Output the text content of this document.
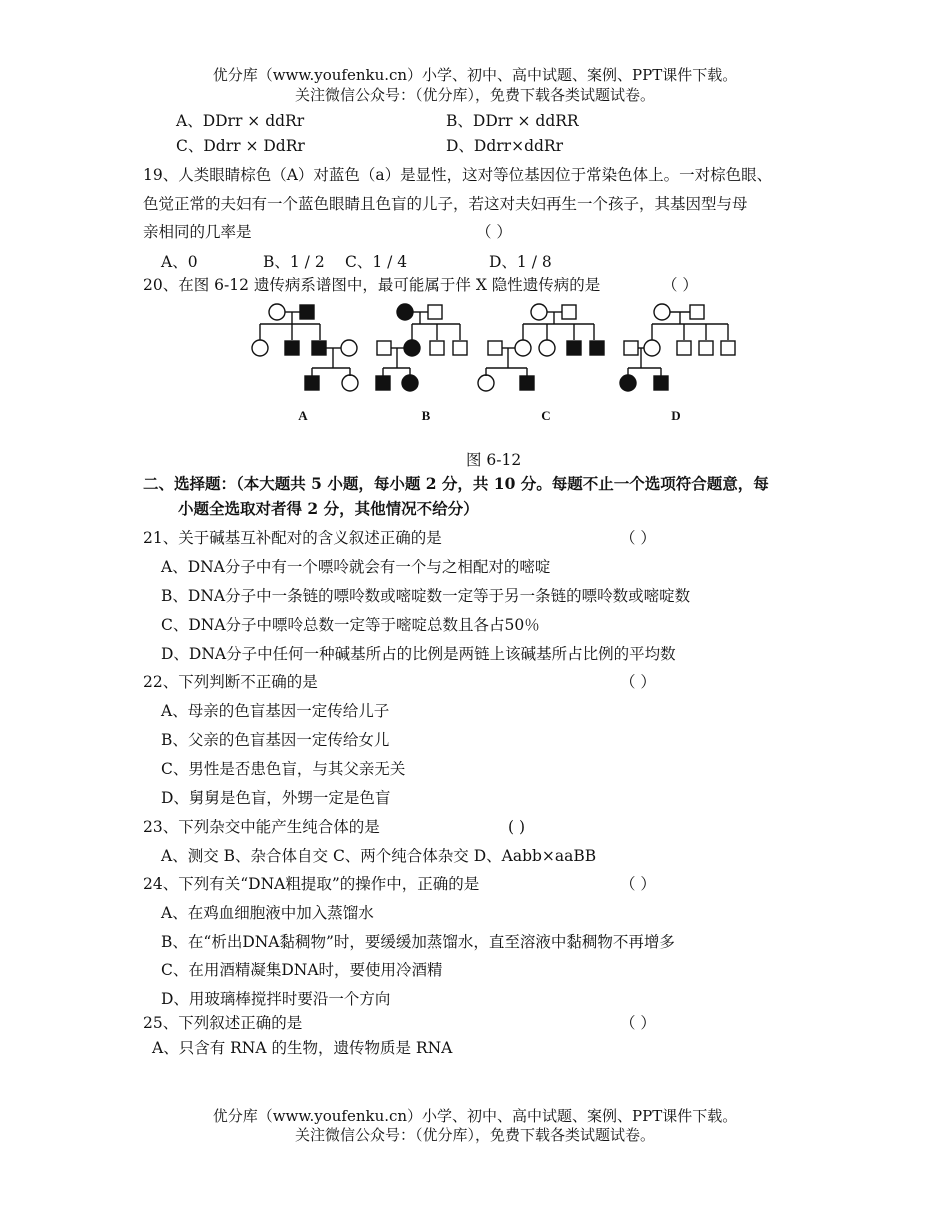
优分库（www.youfenku.cn）小学、初中、高中试题、案例、PPT课件下载。
关注微信公众号：（优分库），免费下载各类试题试卷。
A、DDrr × ddRr	B、DDrr × ddRR
C、Ddrr × DdRr	D、Ddrr×ddRr
19、人类眼睛棕色（A）对蓝色（a）是显性，这对等位基因位于常染色体上。一对棕色眼、
色觉正常的夫妇有一个蓝色眼睛且色盲的儿子，若这对夫妇再生一个孩子，其基因型与母
亲相同的几率是	（ ）
A、0	B、1 / 2 C、1 / 4	D、1 / 8
20、在图 6-12 遗传病系谱图中，最可能属于伴 X 隐性遗传病的是	（ ）
A	B	C	D
图 6-12
二、选择题：（本大题共 5 小题，每小题 2 分，共 10 分。每题不止一个选项符合题意，每
小题全选取对者得 2 分，其他情况不给分）
21、关于碱基互补配对的含义叙述正确的是	（ ）
A、DNA分子中有一个嘌呤就会有一个与之相配对的嘧啶
B、DNA分子中一条链的嘌呤数或嘧啶数一定等于另一条链的嘌呤数或嘧啶数
C、DNA分子中嘌呤总数一定等于嘧啶总数且各占50％
D、DNA分子中任何一种碱基所占的比例是两链上该碱基所占比例的平均数
22、下列判断不正确的是	（ ）
A、母亲的色盲基因一定传给儿子
B、父亲的色盲基因一定传给女儿
C、男性是否患色盲，与其父亲无关
D、舅舅是色盲，外甥一定是色盲
23、下列杂交中能产生纯合体的是	( )
A、测交 B、杂合体自交 C、两个纯合体杂交 D、Aabb×aaBB
24、下列有关“DNA粗提取”的操作中，正确的是	（ ）
A、在鸡血细胞液中加入蒸馏水
B、在“析出DNA黏稠物”时，要缓缓加蒸馏水，直至溶液中黏稠物不再增多
C、在用酒精凝集DNA时，要使用冷酒精
D、用玻璃棒搅拌时要沿一个方向
25、下列叙述正确的是	（ ）
A、只含有 RNA 的生物，遗传物质是 RNA
优分库（www.youfenku.cn）小学、初中、高中试题、案例、PPT课件下载。
关注微信公众号：（优分库），免费下载各类试题试卷。
